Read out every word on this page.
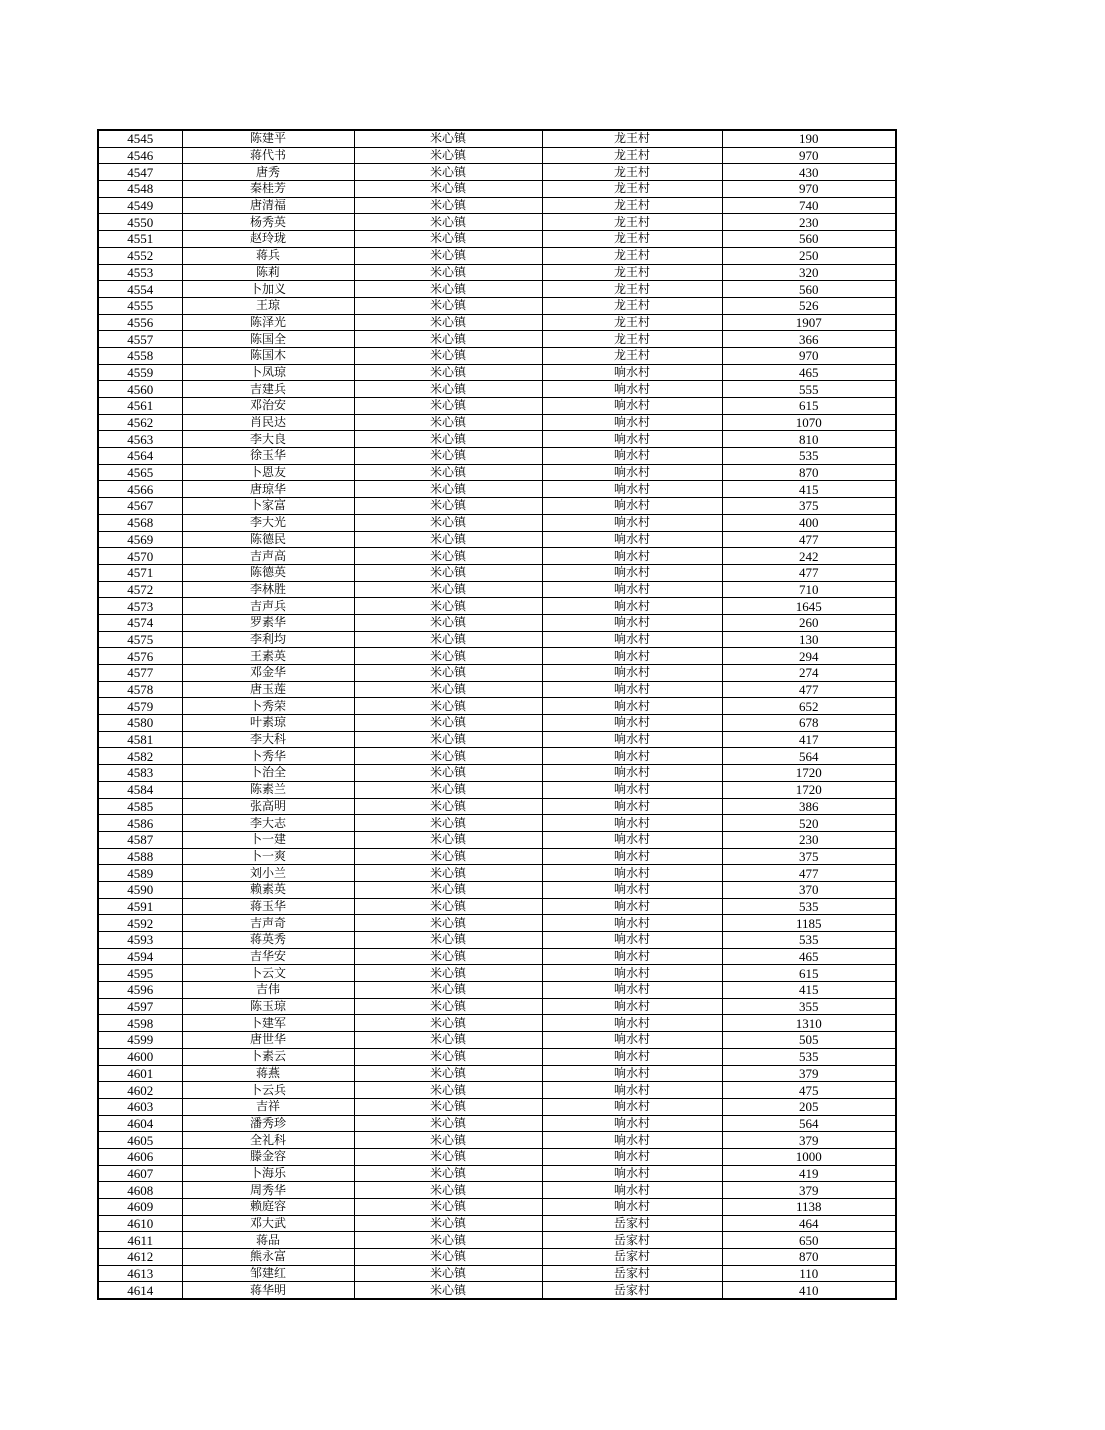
4545	陈建平	米心镇	龙王村	190
4546	蒋代书	米心镇	龙王村	970
4547	唐秀	米心镇	龙王村	430
4548	秦桂芳	米心镇	龙王村	970
4549	唐清福	米心镇	龙王村	740
4550	杨秀英	米心镇	龙王村	230
4551	赵玲珑	米心镇	龙王村	560
4552	蒋兵	米心镇	龙王村	250
4553	陈莉	米心镇	龙王村	320
4554	卜加义	米心镇	龙王村	560
4555	王琼	米心镇	龙王村	526
4556	陈泽光	米心镇	龙王村	1907
4557	陈国全	米心镇	龙王村	366
4558	陈国木	米心镇	龙王村	970
4559	卜凤琼	米心镇	响水村	465
4560	吉建兵	米心镇	响水村	555
4561	邓治安	米心镇	响水村	615
4562	肖民达	米心镇	响水村	1070
4563	李大良	米心镇	响水村	810
4564	徐玉华	米心镇	响水村	535
4565	卜恩友	米心镇	响水村	870
4566	唐琼华	米心镇	响水村	415
4567	卜家富	米心镇	响水村	375
4568	李大光	米心镇	响水村	400
4569	陈德民	米心镇	响水村	477
4570	吉声高	米心镇	响水村	242
4571	陈德英	米心镇	响水村	477
4572	李林胜	米心镇	响水村	710
4573	吉声兵	米心镇	响水村	1645
4574	罗素华	米心镇	响水村	260
4575	李利均	米心镇	响水村	130
4576	王素英	米心镇	响水村	294
4577	邓金华	米心镇	响水村	274
4578	唐玉莲	米心镇	响水村	477
4579	卜秀荣	米心镇	响水村	652
4580	叶素琼	米心镇	响水村	678
4581	李大科	米心镇	响水村	417
4582	卜秀华	米心镇	响水村	564
4583	卜治全	米心镇	响水村	1720
4584	陈素兰	米心镇	响水村	1720
4585	张高明	米心镇	响水村	386
4586	李大志	米心镇	响水村	520
4587	卜一建	米心镇	响水村	230
4588	卜一爽	米心镇	响水村	375
4589	刘小兰	米心镇	响水村	477
4590	赖素英	米心镇	响水村	370
4591	蒋玉华	米心镇	响水村	535
4592	吉声奇	米心镇	响水村	1185
4593	蒋英秀	米心镇	响水村	535
4594	吉华安	米心镇	响水村	465
4595	卜云文	米心镇	响水村	615
4596	吉伟	米心镇	响水村	415
4597	陈玉琼	米心镇	响水村	355
4598	卜建军	米心镇	响水村	1310
4599	唐世华	米心镇	响水村	505
4600	卜素云	米心镇	响水村	535
4601	蒋燕	米心镇	响水村	379
4602	卜云兵	米心镇	响水村	475
4603	吉祥	米心镇	响水村	205
4604	潘秀珍	米心镇	响水村	564
4605	全礼科	米心镇	响水村	379
4606	滕金容	米心镇	响水村	1000
4607	卜海乐	米心镇	响水村	419
4608	周秀华	米心镇	响水村	379
4609	赖庭容	米心镇	响水村	1138
4610	邓大武	米心镇	岳家村	464
4611	蒋品	米心镇	岳家村	650
4612	熊永富	米心镇	岳家村	870
4613	邹建红	米心镇	岳家村	110
4614	蒋华明	米心镇	岳家村	410
